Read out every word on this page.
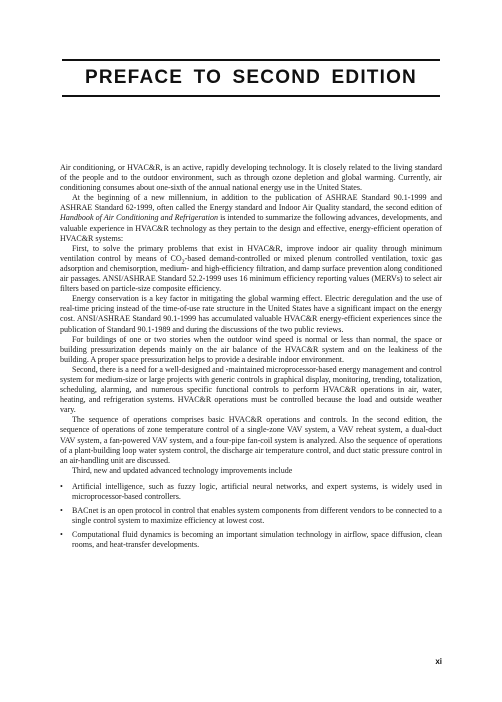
PREFACE TO SECOND EDITION

Air conditioning, or HVAC&R, is an active, rapidly developing technology. It is closely related to the living standard of the people and to the outdoor environment, such as through ozone depletion and global warming. Currently, air conditioning consumes about one-sixth of the annual national energy use in the United States.

At the beginning of a new millennium, in addition to the publication of ASHRAE Standard 90.1-1999 and ASHRAE Standard 62-1999, often called the Energy standard and Indoor Air Quality standard, the second edition of Handbook of Air Conditioning and Refrigeration is intended to summarize the following advances, developments, and valuable experience in HVAC&R technology as they pertain to the design and effective, energy-efficient operation of HVAC&R systems:

First, to solve the primary problems that exist in HVAC&R, improve indoor air quality through minimum ventilation control by means of $CO_2$-based demand-controlled or mixed plenum controlled ventilation, toxic gas adsorption and chemisorption, medium- and high-efficiency filtration, and damp surface prevention along conditioned air passages. ANSI/ASHRAE Standard 52.2-1999 uses 16 minimum efficiency reporting values (MERVs) to select air filters based on particle-size composite efficiency.

Energy conservation is a key factor in mitigating the global warming effect. Electric deregulation and the use of real-time pricing instead of the time-of-use rate structure in the United States have a significant impact on the energy cost. ANSI/ASHRAE Standard 90.1-1999 has accumulated valuable HVAC&R energy-efficient experiences since the publication of Standard 90.1-1989 and during the discussions of the two public reviews.

For buildings of one or two stories when the outdoor wind speed is normal or less than normal, the space or building pressurization depends mainly on the air balance of the HVAC&R system and on the leakiness of the building. A proper space pressurization helps to provide a desirable indoor environment.

Second, there is a need for a well-designed and -maintained microprocessor-based energy management and control system for medium-size or large projects with generic controls in graphical display, monitoring, trending, totalization, scheduling, alarming, and numerous specific functional controls to perform HVAC&R operations in air, water, heating, and refrigeration systems. HVAC&R operations must be controlled because the load and outside weather vary.

The sequence of operations comprises basic HVAC&R operations and controls. In the second edition, the sequence of operations of zone temperature control of a single-zone VAV system, a VAV reheat system, a dual-duct VAV system, a fan-powered VAV system, and a four-pipe fan-coil system is analyzed. Also the sequence of operations of a plant-building loop water system control, the discharge air temperature control, and duct static pressure control in an air-handling unit are discussed.

Third, new and updated advanced technology improvements include

• Artificial intelligence, such as fuzzy logic, artificial neural networks, and expert systems, is widely used in microprocessor-based controllers.
• BACnet is an open protocol in control that enables system components from different vendors to be connected to a single control system to maximize efficiency at lowest cost.
• Computational fluid dynamics is becoming an important simulation technology in airflow, space diffusion, clean rooms, and heat-transfer developments.
xi
